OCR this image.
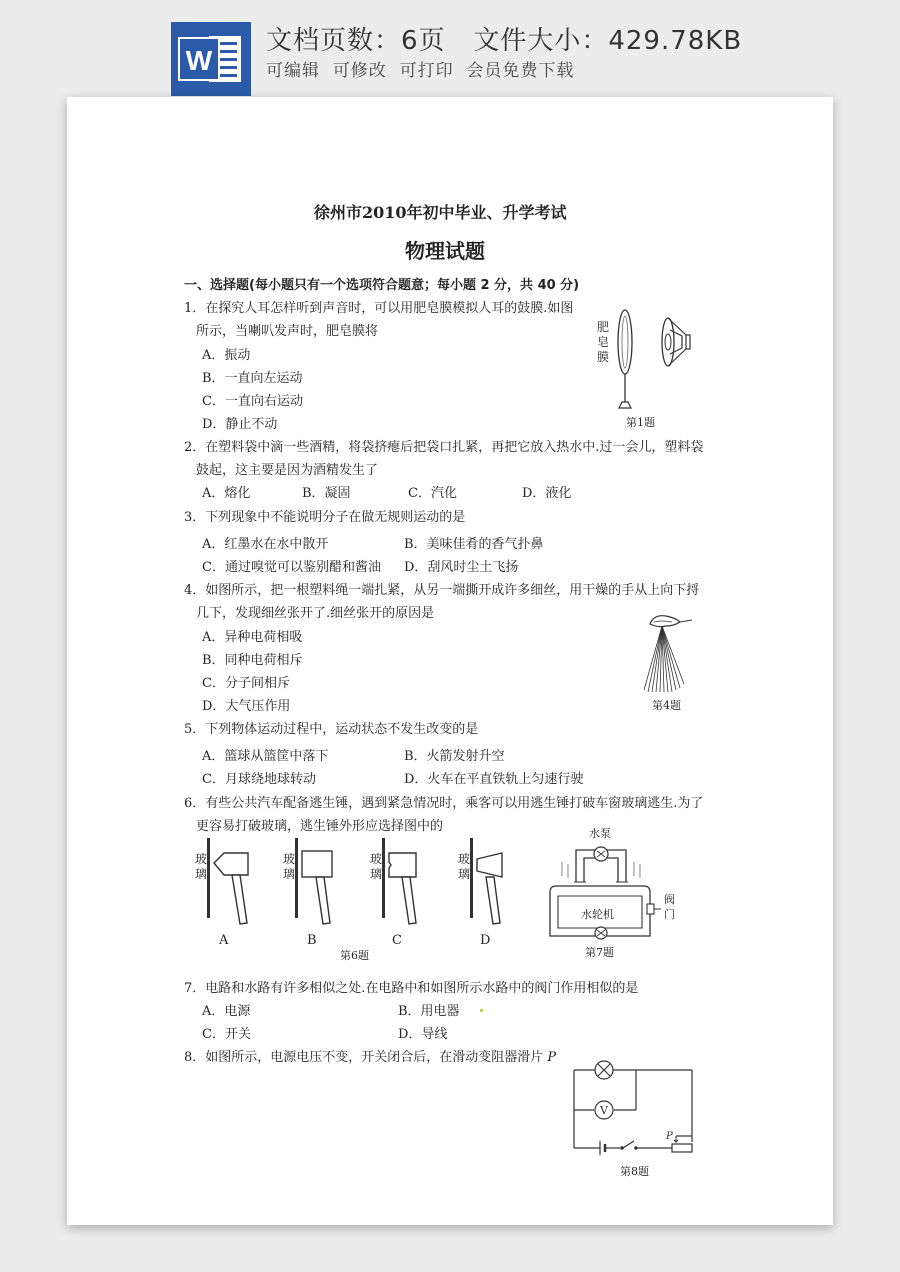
W
文档页数：6页   文件大小：429.78KB
可编辑  可修改  可打印  会员免费下载
徐州市2010年初中毕业、升学考试
物理试题
一、选择题(每小题只有一个选项符合题意；每小题 2 分，共 40 分)
1．在探究人耳怎样听到声音时，可以用肥皂膜模拟人耳的鼓膜.如图
所示，当喇叭发声时，肥皂膜将
A．振动
B．一直向左运动
C．一直向右运动
D．静止不动
肥皂膜
第1题
2．在塑料袋中滴一些酒精，将袋挤瘪后把袋口扎紧，再把它放入热水中.过一会儿，塑料袋
鼓起，这主要是因为酒精发生了
A．熔化	B．凝固	C．汽化	D．液化
3．下列现象中不能说明分子在做无规则运动的是
A．红墨水在水中散开	B．美味佳肴的香气扑鼻
C．通过嗅觉可以鉴别醋和酱油 D．刮风时尘土飞扬
4．如图所示，把一根塑料绳一端扎紧，从另一端撕开成许多细丝，用干燥的手从上向下捋
几下，发现细丝张开了.细丝张开的原因是
A．异种电荷相吸
B．同种电荷相斥
C．分子间相斥
D．大气压作用	第4题
5．下列物体运动过程中，运动状态不发生改变的是
A．篮球从篮筐中落下	B．火箭发射升空
C．月球绕地球转动	D．火车在平直铁轨上匀速行驶
6．有些公共汽车配备逃生锤，遇到紧急情况时，乘客可以用逃生锤打破车窗玻璃逃生.为了
更容易打破玻璃，逃生锤外形应选择图中的
玻璃
玻璃
玻璃
玻璃
A	B	C	D
第6题
水泵
水轮机
阀门
第7题
7．电路和水路有许多相似之处.在电路中和如图所示水路中的阀门作用相似的是
A．电源	B．用电器
C．开关	D．导线
8．如图所示，电源电压不变，开关闭合后，在滑动变阻器滑片 P
V
P
第8题
